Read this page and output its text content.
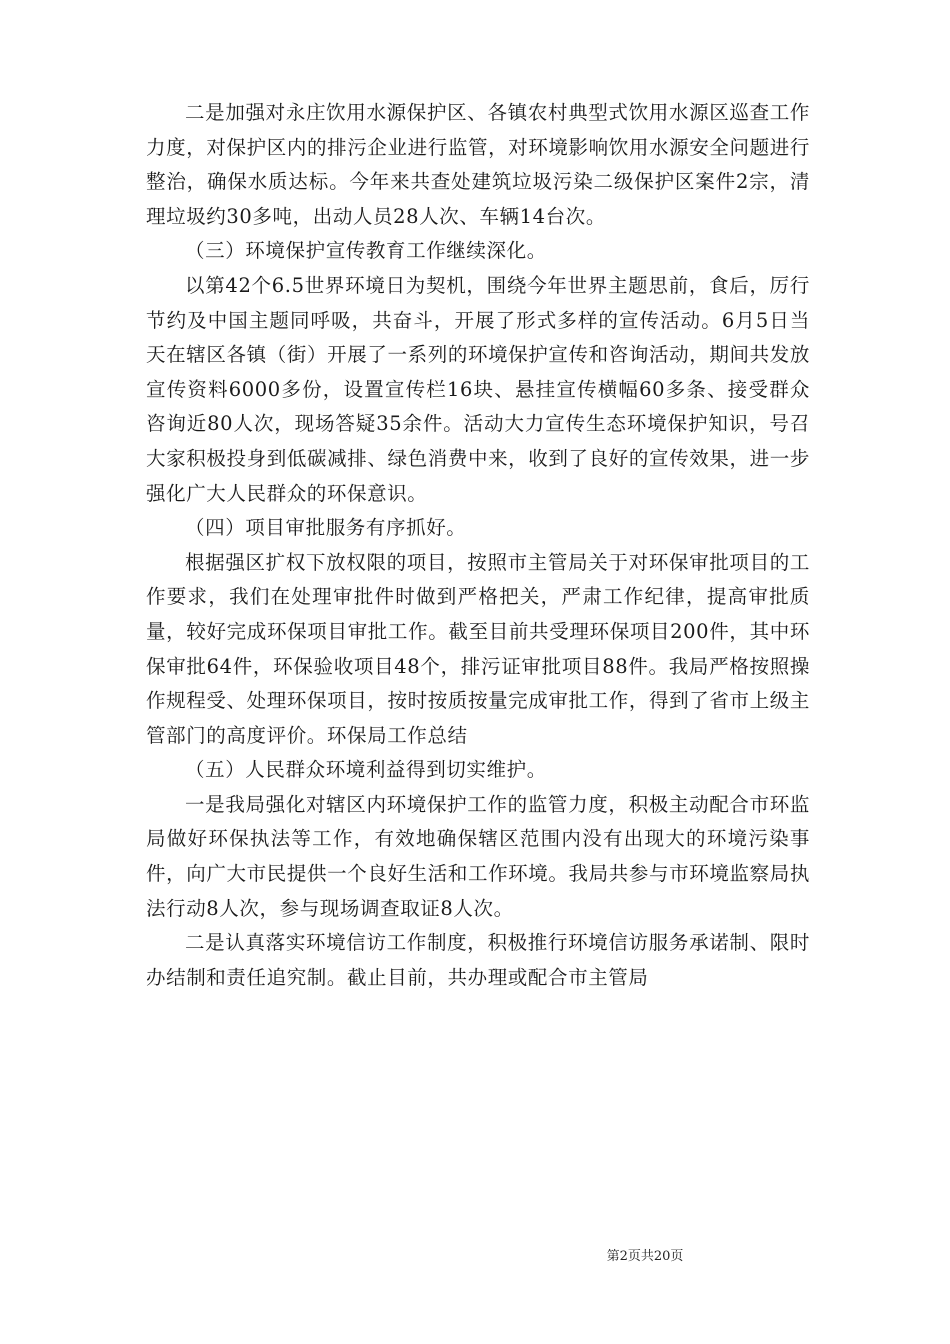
二是加强对永庄饮用水源保护区、各镇农村典型式饮用水源区巡查工作力度，对保护区内的排污企业进行监管，对环境影响饮用水源安全问题进行整治，确保水质达标。今年来共查处建筑垃圾污染二级保护区案件2宗，清理垃圾约30多吨，出动人员28人次、车辆14台次。

（三）环境保护宣传教育工作继续深化。

以第42个6.5世界环境日为契机，围绕今年世界主题思前，食后，厉行节约及中国主题同呼吸，共奋斗，开展了形式多样的宣传活动。6月5日当天在辖区各镇（街）开展了一系列的环境保护宣传和咨询活动，期间共发放宣传资料6000多份，设置宣传栏16块、悬挂宣传横幅60多条、接受群众咨询近80人次，现场答疑35余件。活动大力宣传生态环境保护知识，号召大家积极投身到低碳减排、绿色消费中来，收到了良好的宣传效果，进一步强化广大人民群众的环保意识。

（四）项目审批服务有序抓好。

根据强区扩权下放权限的项目，按照市主管局关于对环保审批项目的工作要求，我们在处理审批件时做到严格把关，严肃工作纪律，提高审批质量，较好完成环保项目审批工作。截至目前共受理环保项目200件，其中环保审批64件，环保验收项目48个，排污证审批项目88件。我局严格按照操作规程受、处理环保项目，按时按质按量完成审批工作，得到了省市上级主管部门的高度评价。环保局工作总结

（五）人民群众环境利益得到切实维护。

一是我局强化对辖区内环境保护工作的监管力度，积极主动配合市环监局做好环保执法等工作，有效地确保辖区范围内没有出现大的环境污染事件，向广大市民提供一个良好生活和工作环境。我局共参与市环境监察局执法行动8人次，参与现场调查取证8人次。

二是认真落实环境信访工作制度，积极推行环境信访服务承诺制、限时办结制和责任追究制。截止目前，共办理或配合市主管局

第2页共20页
